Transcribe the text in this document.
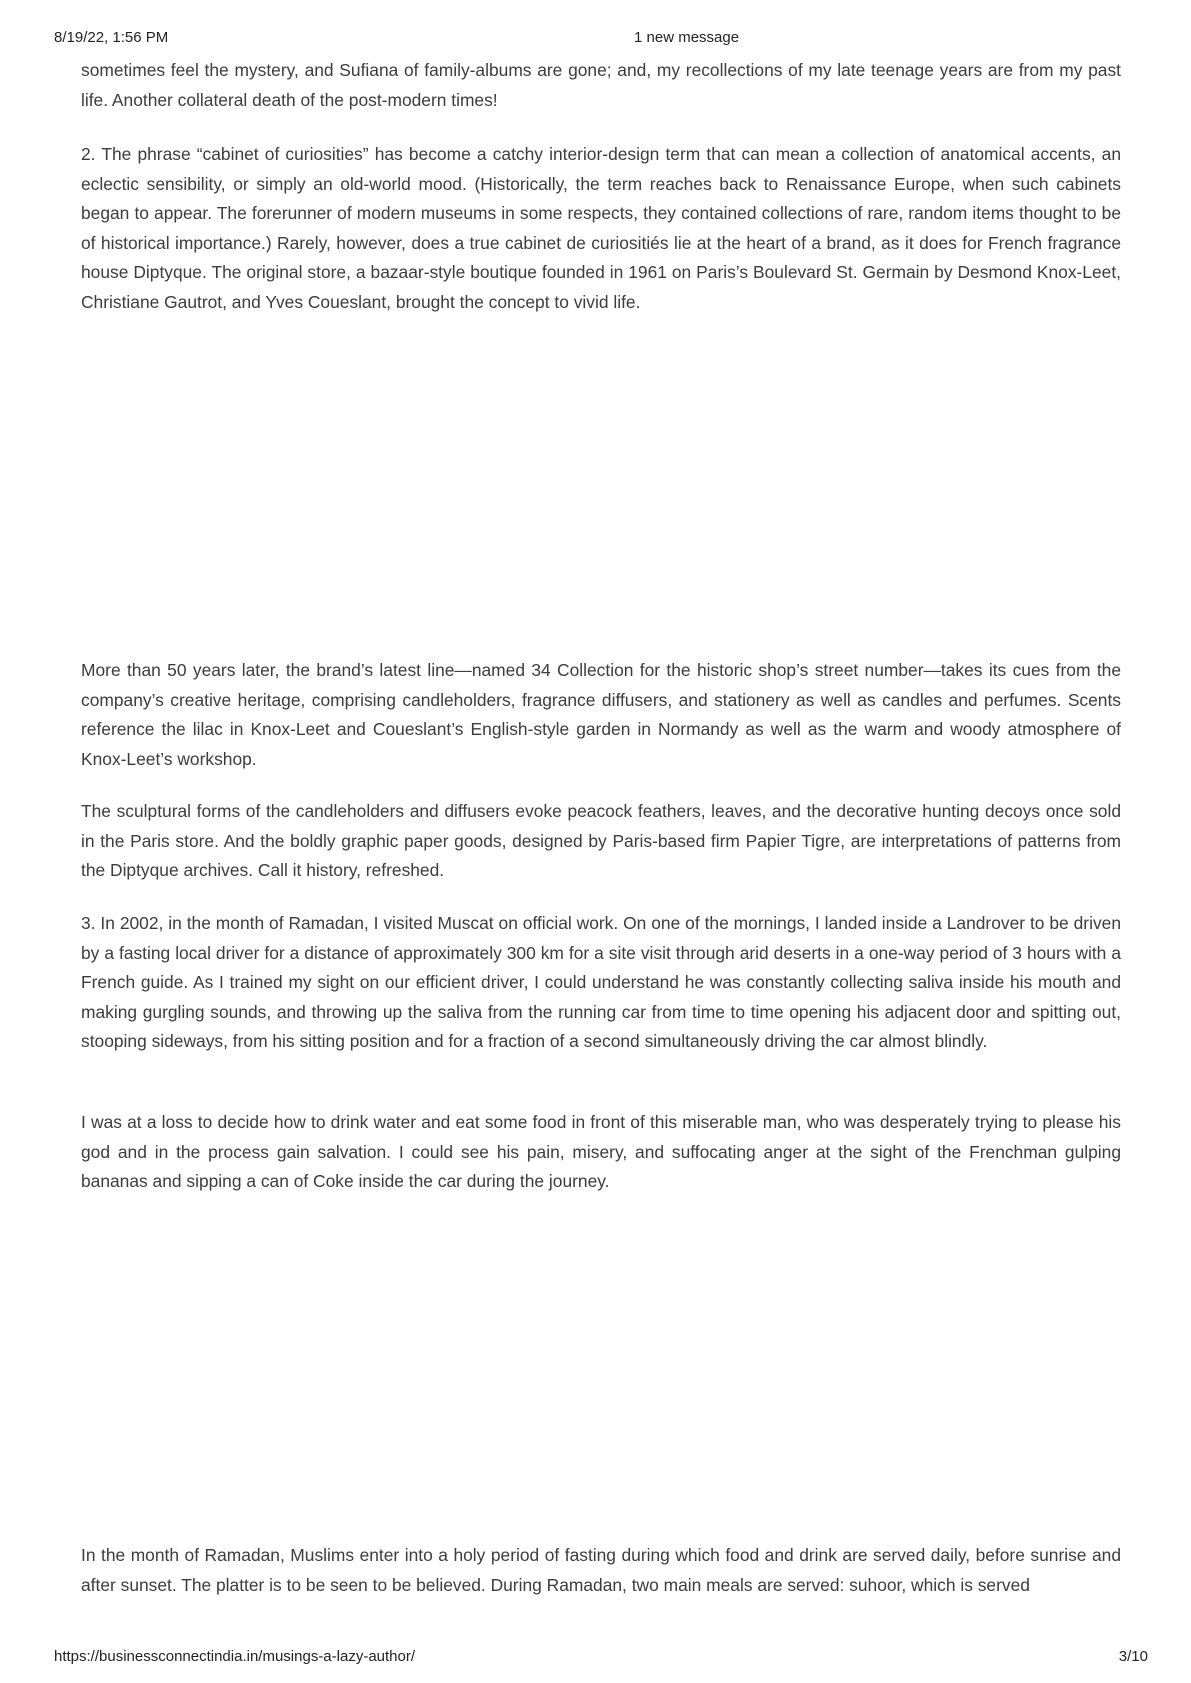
8/19/22, 1:56 PM	1 new message

sometimes feel the mystery, and Sufiana of family-albums are gone; and, my recollections of my late teenage years are from my past life. Another collateral death of the post-modern times!

2. The phrase “cabinet of curiosities” has become a catchy interior-design term that can mean a collection of anatomical accents, an eclectic sensibility, or simply an old-world mood. (Historically, the term reaches back to Renaissance Europe, when such cabinets began to appear. The forerunner of modern museums in some respects, they contained collections of rare, random items thought to be of historical importance.) Rarely, however, does a true cabinet de curiositiés lie at the heart of a brand, as it does for French fragrance house Diptyque. The original store, a bazaar-style boutique founded in 1961 on Paris’s Boulevard St. Germain by Desmond Knox-Leet, Christiane Gautrot, and Yves Coueslant, brought the concept to vivid life.

More than 50 years later, the brand’s latest line—named 34 Collection for the historic shop’s street number—takes its cues from the company’s creative heritage, comprising candleholders, fragrance diffusers, and stationery as well as candles and perfumes. Scents reference the lilac in Knox-Leet and Coueslant’s English-style garden in Normandy as well as the warm and woody atmosphere of Knox-Leet’s workshop.

The sculptural forms of the candleholders and diffusers evoke peacock feathers, leaves, and the decorative hunting decoys once sold in the Paris store. And the boldly graphic paper goods, designed by Paris-based firm Papier Tigre, are interpretations of patterns from the Diptyque archives. Call it history, refreshed.

3. In 2002, in the month of Ramadan, I visited Muscat on official work. On one of the mornings, I landed inside a Landrover to be driven by a fasting local driver for a distance of approximately 300 km for a site visit through arid deserts in a one-way period of 3 hours with a French guide. As I trained my sight on our efficient driver, I could understand he was constantly collecting saliva inside his mouth and making gurgling sounds, and throwing up the saliva from the running car from time to time opening his adjacent door and spitting out, stooping sideways, from his sitting position and for a fraction of a second simultaneously driving the car almost blindly.

I was at a loss to decide how to drink water and eat some food in front of this miserable man, who was desperately trying to please his god and in the process gain salvation. I could see his pain, misery, and suffocating anger at the sight of the Frenchman gulping bananas and sipping a can of Coke inside the car during the journey.

In the month of Ramadan, Muslims enter into a holy period of fasting during which food and drink are served daily, before sunrise and after sunset. The platter is to be seen to be believed. During Ramadan, two main meals are served: suhoor, which is served

https://businessconnectindia.in/musings-a-lazy-author/	3/10
